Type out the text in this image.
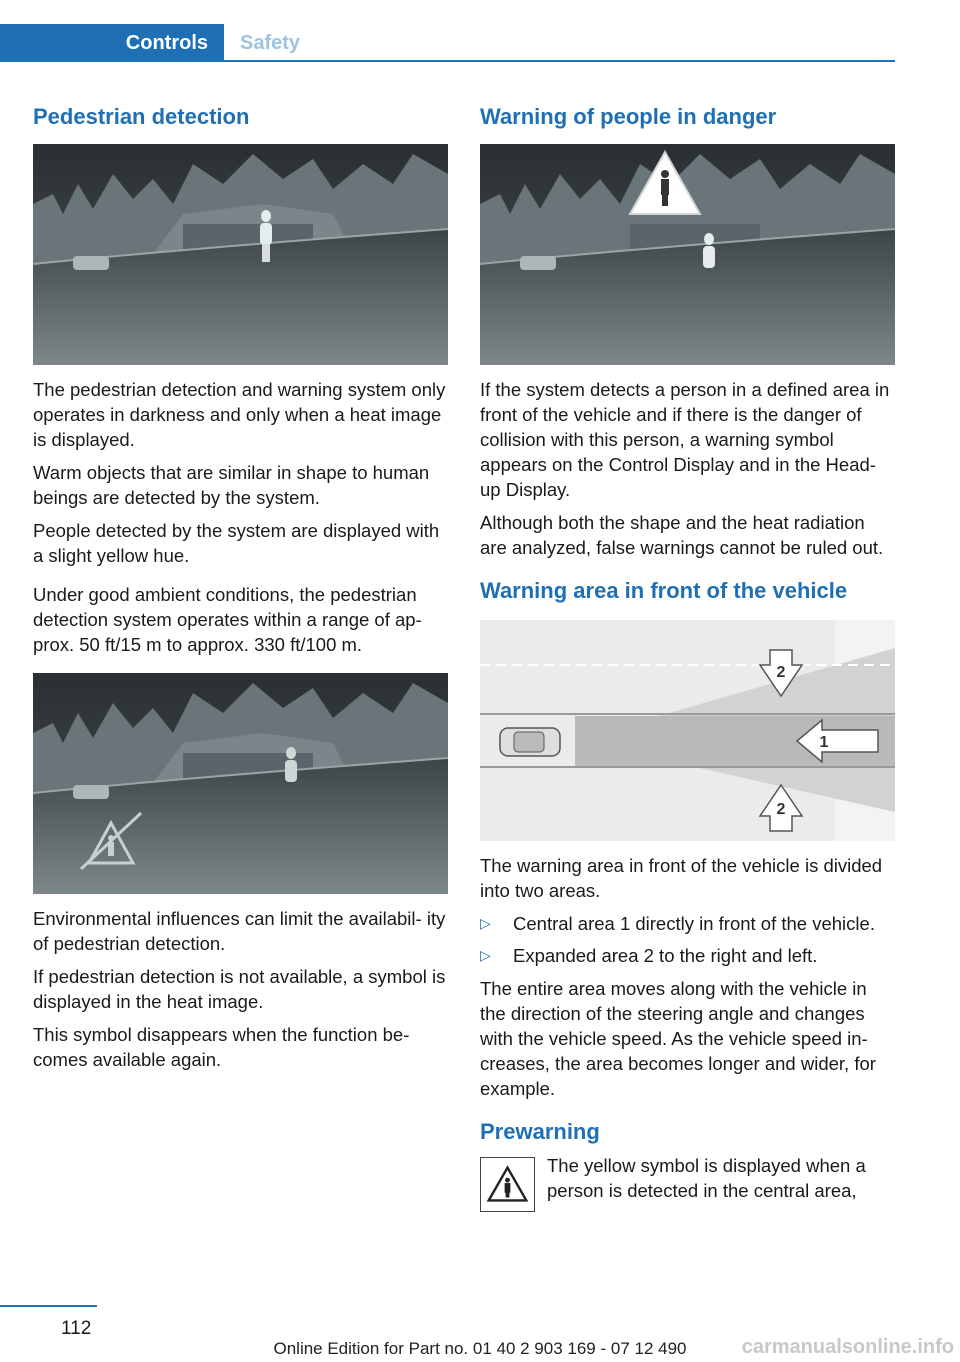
Controls	Safety
Pedestrian detection

The pedestrian detection and warning system only operates in darkness and only when a heat image is displayed.

Warm objects that are similar in shape to human beings are detected by the system.

People detected by the system are displayed with a slight yellow hue.

Under good ambient conditions, the pedestrian detection system operates within a range of ap‐ prox. 50 ft/15 m to approx. 330 ft/100 m.

Environmental influences can limit the availabil‐ ity of pedestrian detection.

If pedestrian detection is not available, a symbol is displayed in the heat image.

This symbol disappears when the function be‐ comes available again.

Warning of people in danger

If the system detects a person in a defined area in front of the vehicle and if there is the danger of collision with this person, a warning symbol appears on the Control Display and in the Head-up Display.

Although both the shape and the heat radiation are analyzed, false warnings cannot be ruled out.

Warning area in front of the vehicle
2
1
2

The warning area in front of the vehicle is divided into two areas.

▷ Central area 1 directly in front of the vehicle.
▷ Expanded area 2 to the right and left.

The entire area moves along with the vehicle in the direction of the steering angle and changes with the vehicle speed. As the vehicle speed in‐ creases, the area becomes longer and wider, for example.

Prewarning

The yellow symbol is displayed when a person is detected in the central area,

112
Online Edition for Part no. 01 40 2 903 169 - 07 12 490	carmanualsonline.info
